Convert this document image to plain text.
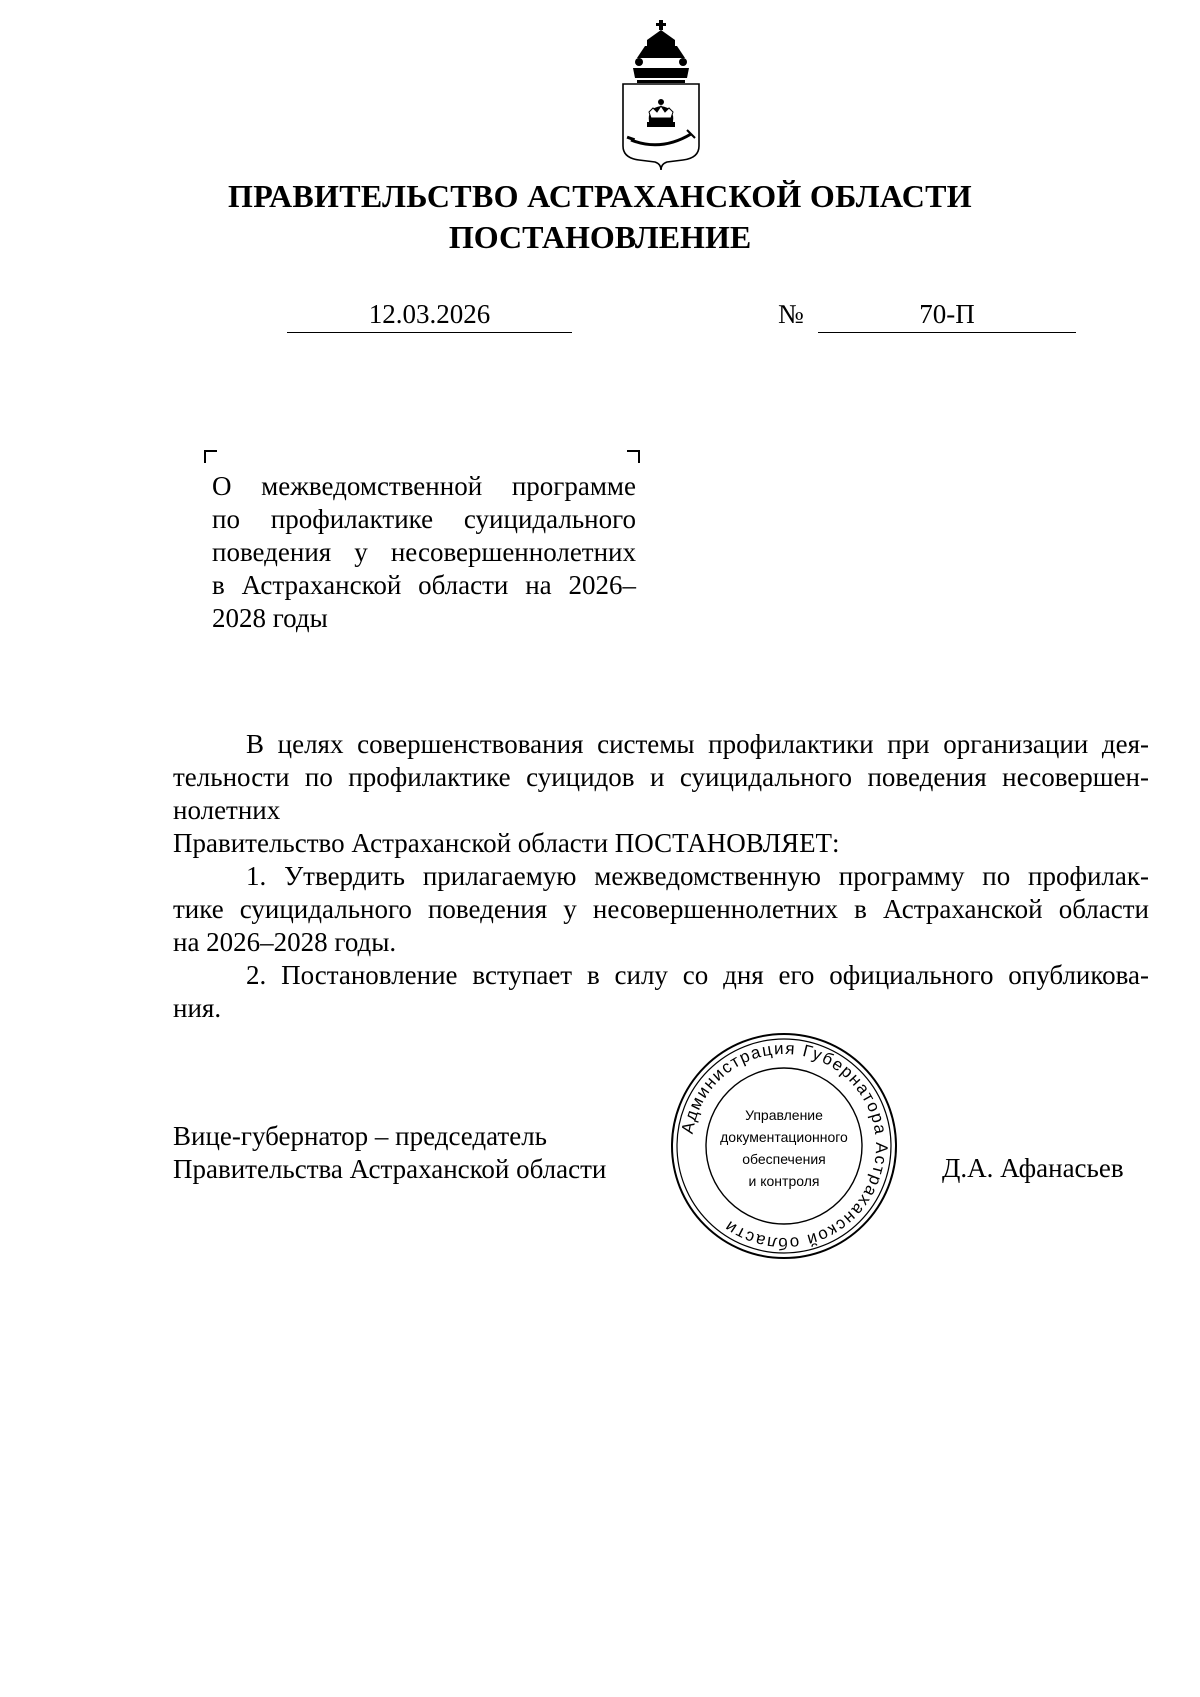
ПРАВИТЕЛЬСТВО АСТРАХАНСКОЙ ОБЛАСТИ
ПОСТАНОВЛЕНИЕ
12.03.2026	№	70-П
О межведомственной программе
по профилактике суицидального
поведения у несовершеннолетних
в Астраханской области на 2026–
2028 годы
В целях совершенствования системы профилактики при организации дея-
тельности по профилактике суицидов и суицидального поведения несовершен-
нолетних
Правительство Астраханской области ПОСТАНОВЛЯЕТ:
1. Утвердить прилагаемую межведомственную программу по профилак-
тике суицидального поведения у несовершеннолетних в Астраханской области
на 2026–2028 годы.
2. Постановление вступает в силу со дня его официального опубликова-
ния.
Вице-губернатор – председатель
Правительства Астраханской области	Д.А. Афанасьев
Администрация Губернатора Астраханской области
Управление
документационного
обеспечения
и контроля
